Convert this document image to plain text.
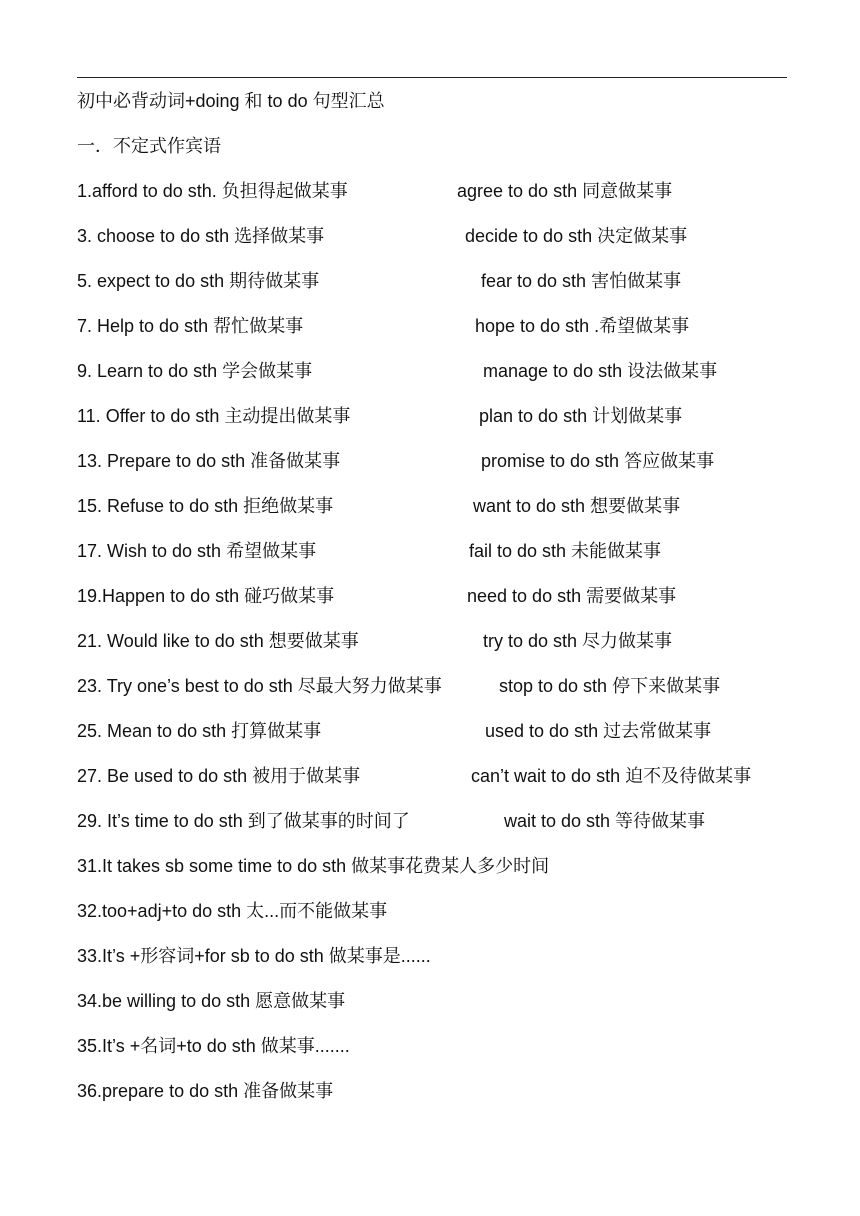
初中必背动词+doing 和 to do 句型汇总
一．不定式作宾语
1.afford to do sth. 负担得起做某事	agree to do sth 同意做某事
3. choose to do sth 选择做某事	decide to do sth 决定做某事
5. expect to do sth 期待做某事	fear to do sth 害怕做某事
7. Help to do sth 帮忙做某事	hope to do sth .希望做某事
9. Learn to do sth 学会做某事	manage to do sth 设法做某事
11. Offer to do sth 主动提出做某事	plan to do sth 计划做某事
13. Prepare to do sth 准备做某事	promise to do sth 答应做某事
15. Refuse to do sth 拒绝做某事	want to do sth 想要做某事
17. Wish to do sth 希望做某事	fail to do sth 未能做某事
19.Happen to do sth 碰巧做某事	need to do sth 需要做某事
21. Would like to do sth 想要做某事	try to do sth 尽力做某事
23. Try one’s best to do sth 尽最大努力做某事	stop to do sth 停下来做某事
25. Mean to do sth 打算做某事	used to do sth 过去常做某事
27. Be used to do sth 被用于做某事	can’t wait to do sth 迫不及待做某事
29. It’s time to do sth 到了做某事的时间了	wait to do sth 等待做某事
31.It takes sb some time to do sth 做某事花费某人多少时间
32.too+adj+to do sth 太...而不能做某事
33.It’s +形容词+for sb to do sth 做某事是......
34.be willing to do sth 愿意做某事
35.It’s +名词+to do sth 做某事.......
36.prepare to do sth 准备做某事
